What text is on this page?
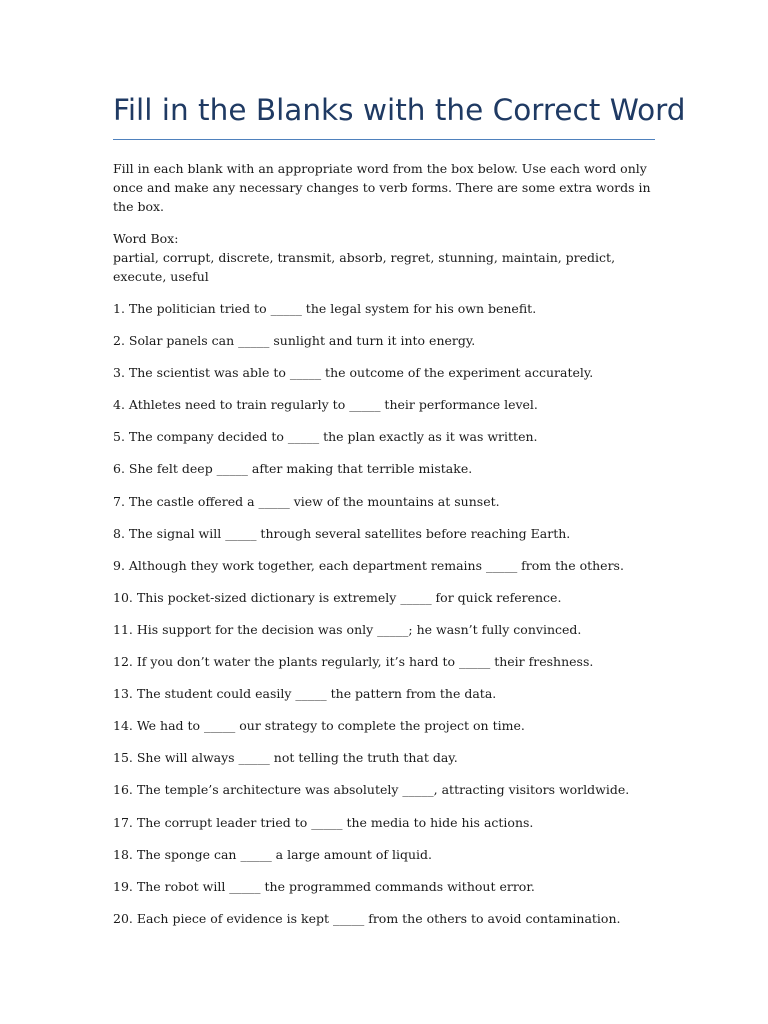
Fill in the Blanks with the Correct Word

Fill in each blank with an appropriate word from the box below. Use each word only once and make any necessary changes to verb forms. There are some extra words in the box.

Word Box:
partial, corrupt, discrete, transmit, absorb, regret, stunning, maintain, predict, execute, useful
1. The politician tried to _____ the legal system for his own benefit.
2. Solar panels can _____ sunlight and turn it into energy.
3. The scientist was able to _____ the outcome of the experiment accurately.
4. Athletes need to train regularly to _____ their performance level.
5. The company decided to _____ the plan exactly as it was written.
6. She felt deep _____ after making that terrible mistake.
7. The castle offered a _____ view of the mountains at sunset.
8. The signal will _____ through several satellites before reaching Earth.
9. Although they work together, each department remains _____ from the others.
10. This pocket-sized dictionary is extremely _____ for quick reference.
11. His support for the decision was only _____; he wasn’t fully convinced.
12. If you don’t water the plants regularly, it’s hard to _____ their freshness.
13. The student could easily _____ the pattern from the data.
14. We had to _____ our strategy to complete the project on time.
15. She will always _____ not telling the truth that day.
16. The temple’s architecture was absolutely _____, attracting visitors worldwide.
17. The corrupt leader tried to _____ the media to hide his actions.
18. The sponge can _____ a large amount of liquid.
19. The robot will _____ the programmed commands without error.
20. Each piece of evidence is kept _____ from the others to avoid contamination.
